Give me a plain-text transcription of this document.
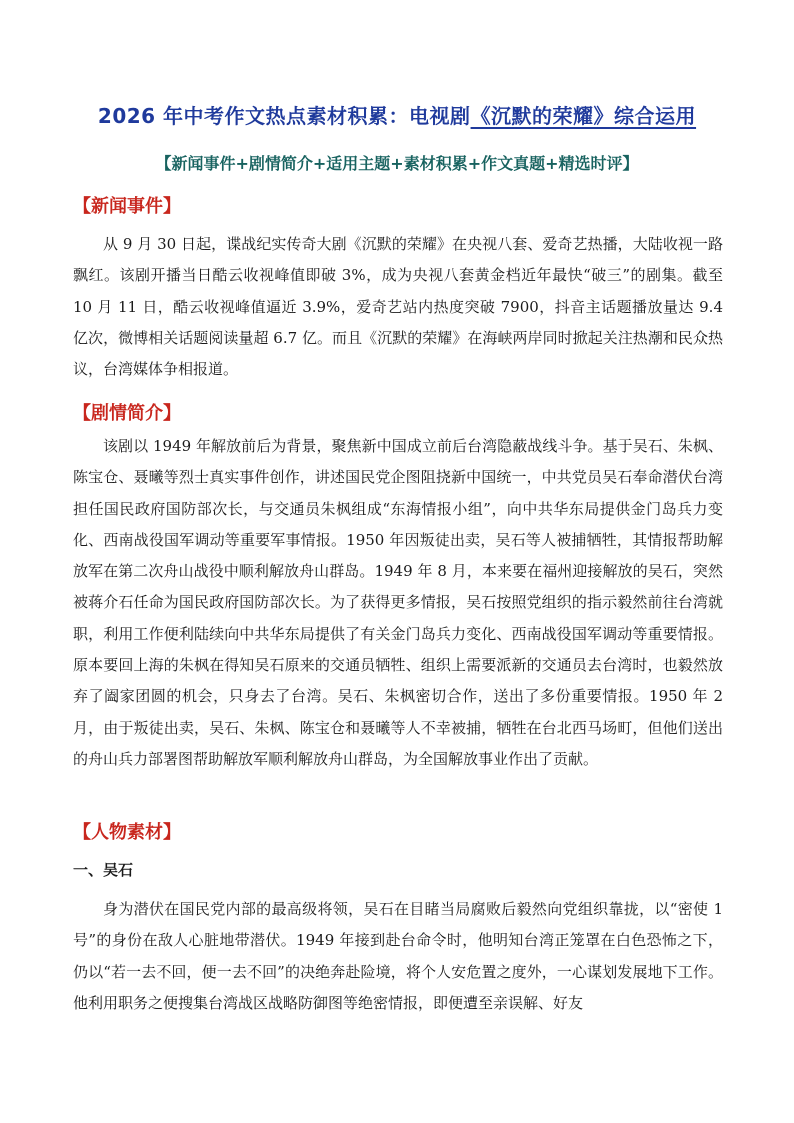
2026 年中考作文热点素材积累：电视剧《沉默的荣耀》综合运用
【新闻事件+剧情简介+适用主题+素材积累+作文真题+精选时评】
【新闻事件】
从 9 月 30 日起，谍战纪实传奇大剧《沉默的荣耀》在央视八套、爱奇艺热播，大陆收视一路飘红。该剧开播当日酷云收视峰值即破 3%，成为央视八套黄金档近年最快“破三”的剧集。截至 10 月 11 日，酷云收视峰值逼近 3.9%，爱奇艺站内热度突破 7900，抖音主话题播放量达 9.4 亿次，微博相关话题阅读量超 6.7 亿。而且《沉默的荣耀》在海峡两岸同时掀起关注热潮和民众热议，台湾媒体争相报道。
【剧情简介】
该剧以 1949 年解放前后为背景，聚焦新中国成立前后台湾隐蔽战线斗争。基于吴石、朱枫、陈宝仓、聂曦等烈士真实事件创作，讲述国民党企图阻挠新中国统一，中共党员吴石奉命潜伏台湾担任国民政府国防部次长，与交通员朱枫组成“东海情报小组”，向中共华东局提供金门岛兵力变化、西南战役国军调动等重要军事情报。1950 年因叛徒出卖，吴石等人被捕牺牲，其情报帮助解放军在第二次舟山战役中顺利解放舟山群岛。1949 年 8 月，本来要在福州迎接解放的吴石，突然被蒋介石任命为国民政府国防部次长。为了获得更多情报，吴石按照党组织的指示毅然前往台湾就职，利用工作便利陆续向中共华东局提供了有关金门岛兵力变化、西南战役国军调动等重要情报。原本要回上海的朱枫在得知吴石原来的交通员牺牲、组织上需要派新的交通员去台湾时，也毅然放弃了阖家团圆的机会，只身去了台湾。吴石、朱枫密切合作，送出了多份重要情报。1950 年 2 月，由于叛徒出卖，吴石、朱枫、陈宝仓和聂曦等人不幸被捕，牺牲在台北西马场町，但他们送出的舟山兵力部署图帮助解放军顺利解放舟山群岛，为全国解放事业作出了贡献。
【人物素材】
一、吴石
身为潜伏在国民党内部的最高级将领，吴石在目睹当局腐败后毅然向党组织靠拢，以“密使 1 号”的身份在敌人心脏地带潜伏。1949 年接到赴台命令时，他明知台湾正笼罩在白色恐怖之下，仍以“若一去不回，便一去不回”的决绝奔赴险境，将个人安危置之度外，一心谋划发展地下工作。他利用职务之便搜集台湾战区战略防御图等绝密情报，即便遭至亲误解、好友
